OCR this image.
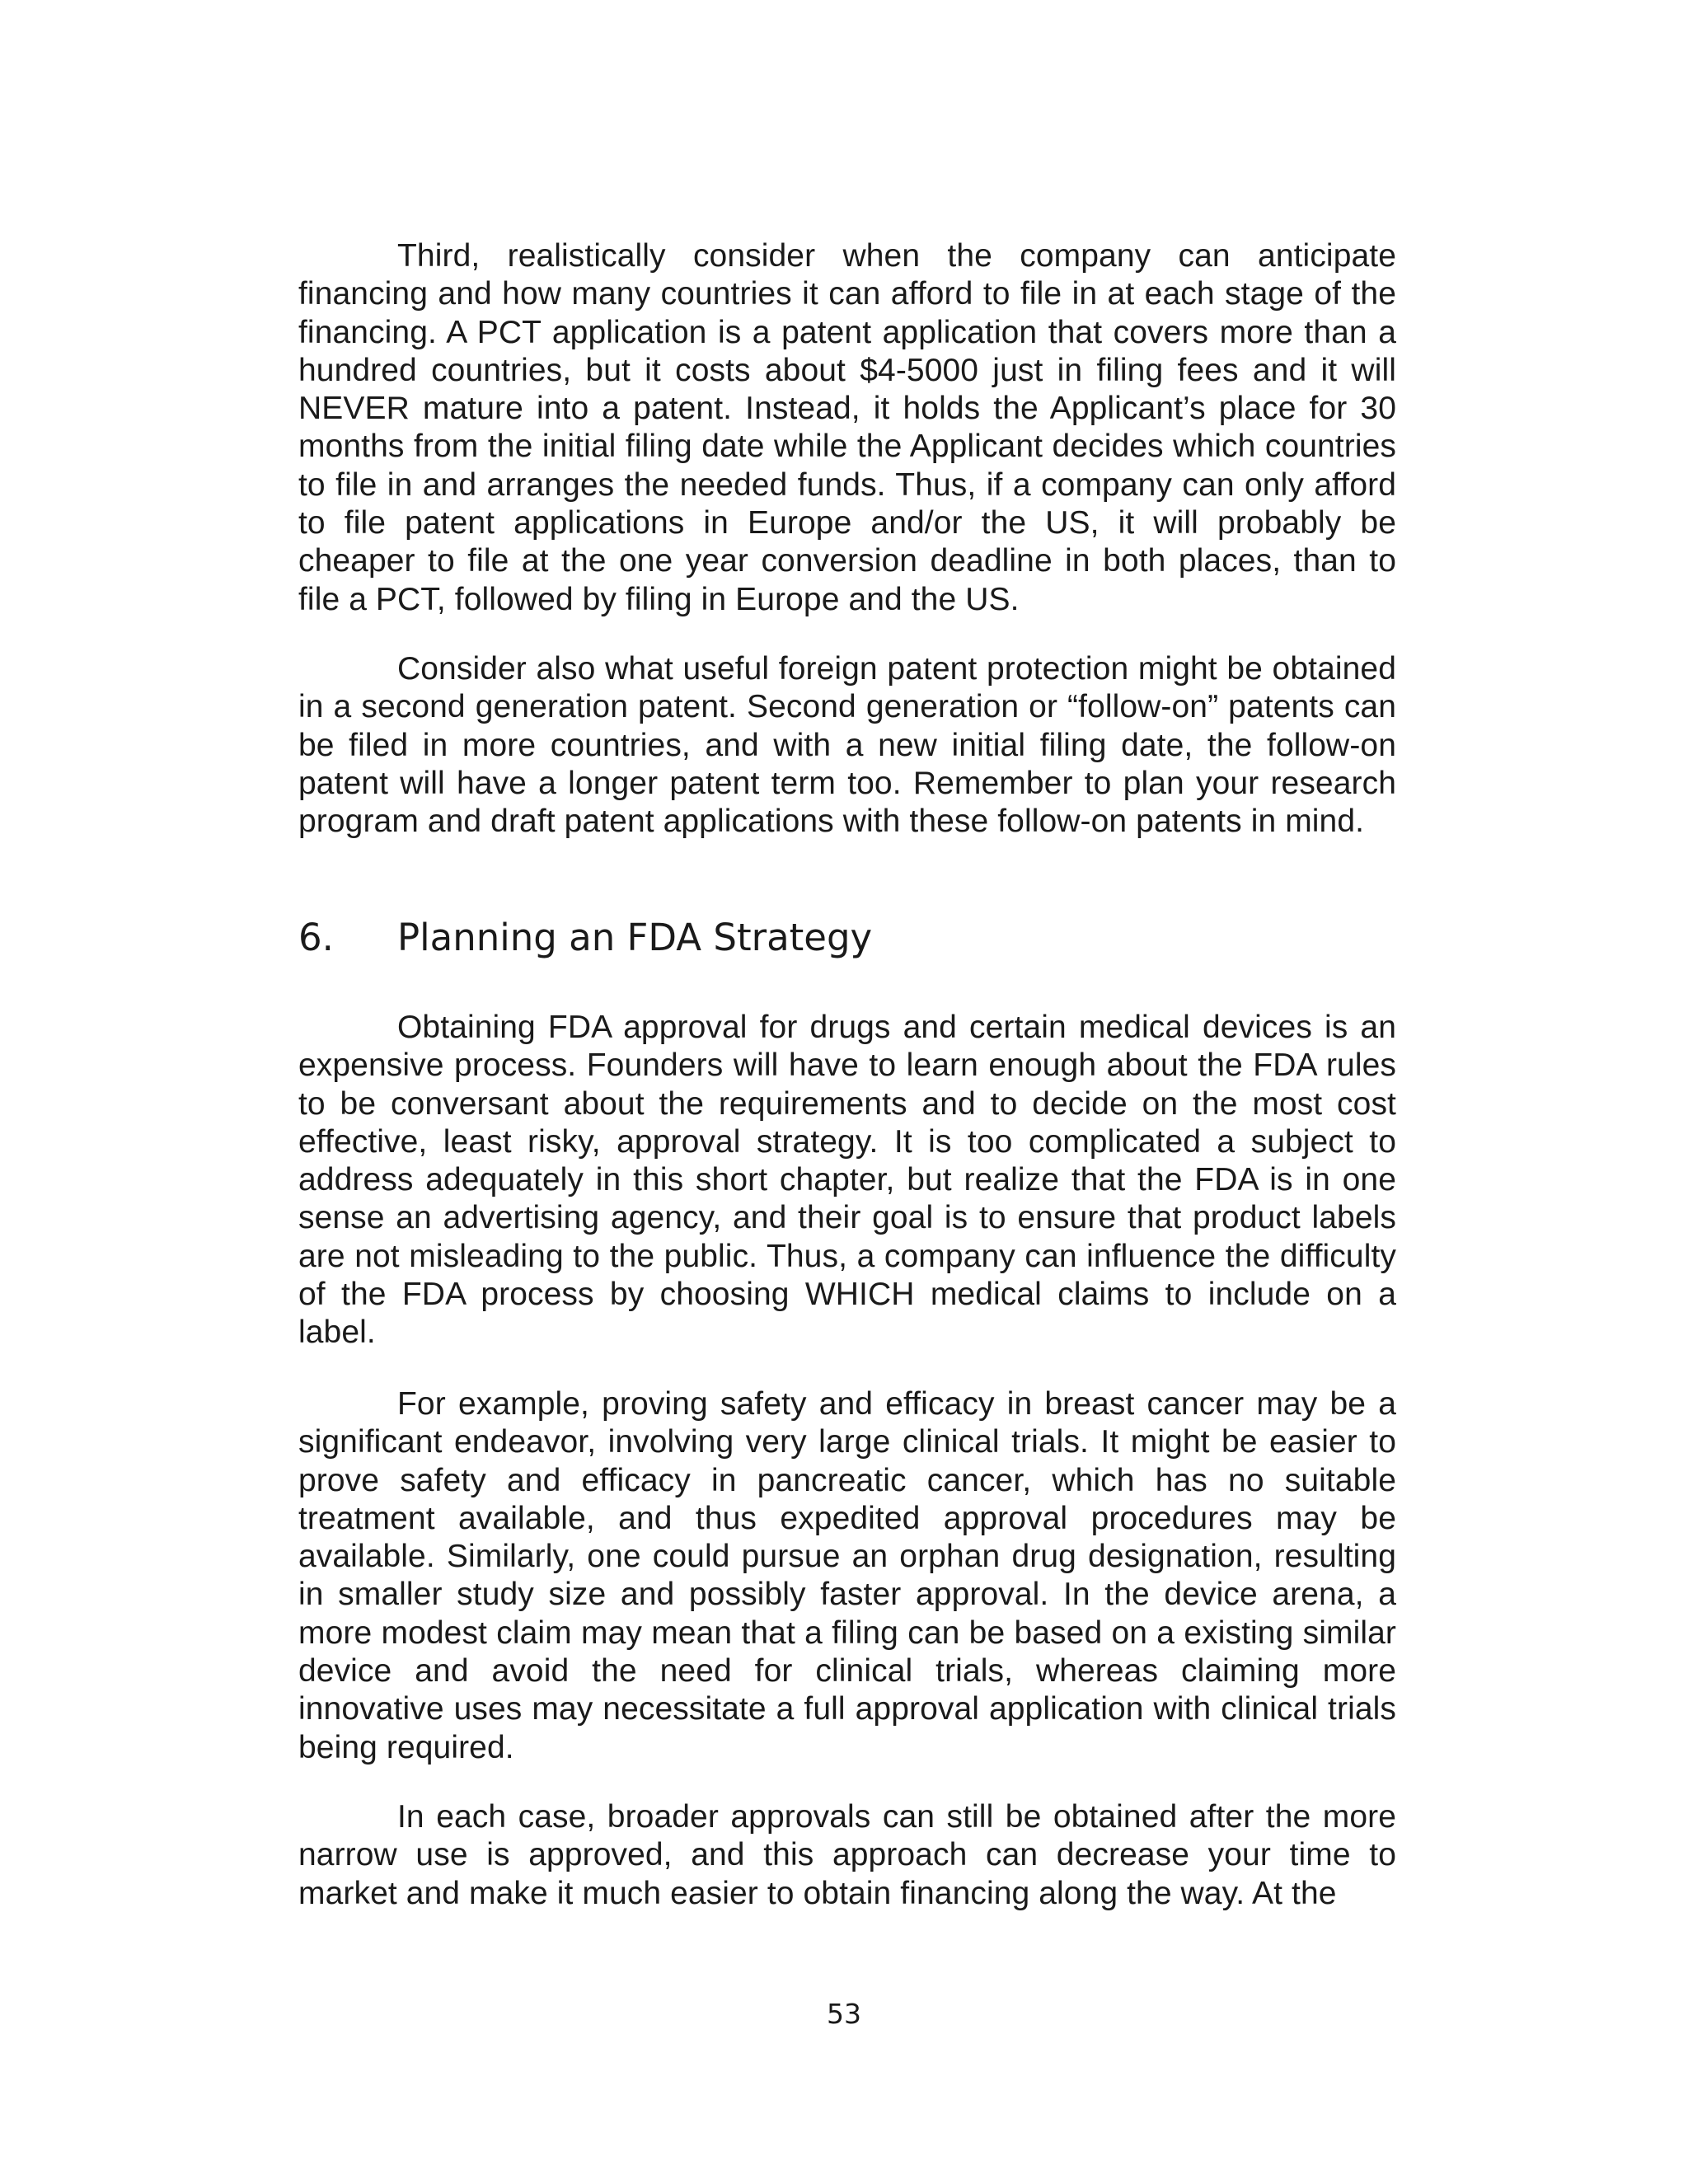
Third, realistically consider when the company can anticipate financing and how many countries it can afford to file in at each stage of the financing. A PCT application is a patent application that covers more than a hundred countries, but it costs about $4-5000 just in filing fees and it will NEVER mature into a patent. Instead, it holds the Applicant’s place for 30 months from the initial filing date while the Applicant decides which countries to file in and arranges the needed funds. Thus, if a company can only afford to file patent applications in Europe and/or the US, it will probably be cheaper to file at the one year conversion deadline in both places, than to file a PCT, followed by filing in Europe and the US.

Consider also what useful foreign patent protection might be obtained in a second generation patent. Second generation or “follow-on” patents can be filed in more countries, and with a new initial filing date, the follow-on patent will have a longer patent term too. Remember to plan your research program and draft patent applications with these follow-on patents in mind.

6. Planning an FDA Strategy

Obtaining FDA approval for drugs and certain medical devices is an expensive process. Founders will have to learn enough about the FDA rules to be conversant about the requirements and to decide on the most cost effective, least risky, approval strategy. It is too complicated a subject to address adequately in this short chapter, but realize that the FDA is in one sense an advertising agency, and their goal is to ensure that product labels are not misleading to the public. Thus, a company can influence the difficulty of the FDA process by choosing WHICH medical claims to include on a label.

For example, proving safety and efficacy in breast cancer may be a significant endeavor, involving very large clinical trials. It might be easier to prove safety and efficacy in pancreatic cancer, which has no suitable treatment available, and thus expedited approval procedures may be available. Similarly, one could pursue an orphan drug designation, resulting in smaller study size and possibly faster approval. In the device arena, a more modest claim may mean that a filing can be based on a existing similar device and avoid the need for clinical trials, whereas claiming more innovative uses may necessitate a full approval application with clinical trials being required.

In each case, broader approvals can still be obtained after the more narrow use is approved, and this approach can decrease your time to market and make it much easier to obtain financing along the way. At the

53
